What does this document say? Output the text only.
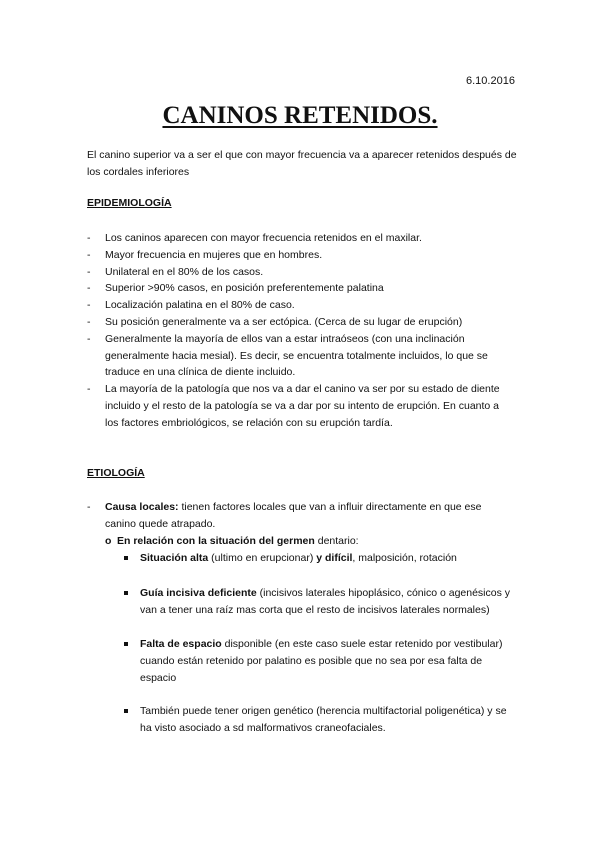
6.10.2016
CANINOS RETENIDOS.
El canino superior va a ser el que con mayor frecuencia va a aparecer retenidos después de los cordales inferiores
EPIDEMIOLOGÍA
- Los caninos aparecen con mayor frecuencia retenidos en el maxilar.
- Mayor frecuencia en mujeres que en hombres.
- Unilateral en el 80% de los casos.
- Superior >90% casos, en posición preferentemente palatina
- Localización palatina en el 80% de caso.
- Su posición generalmente va a ser ectópica. (Cerca de su lugar de erupción)
- Generalmente la mayoría de ellos van a estar intraóseos (con una inclinación generalmente hacia mesial). Es decir, se encuentra totalmente incluidos, lo que se traduce en una clínica de diente incluido.
- La mayoría de la patología que nos va a dar el canino va ser por su estado de diente incluido y el resto de la patología se va a dar por su intento de erupción. En cuanto a los factores embriológicos, se relación con su erupción tardía.
ETIOLOGÍA
- Causa locales: tienen factores locales que van a influir directamente en que ese canino quede atrapado.
o En relación con la situación del germen dentario:
Situación alta (ultimo en erupcionar) y difícil, malposición, rotación
Guía incisiva deficiente (incisivos laterales hipoplásico, cónico o agenésicos y van a tener una raíz mas corta que el resto de incisivos laterales normales)
Falta de espacio disponible (en este caso suele estar retenido por vestibular) cuando están retenido por palatino es posible que no sea por esa falta de espacio
También puede tener origen genético (herencia multifactorial poligenética) y se ha visto asociado a sd malformativos craneofaciales.
